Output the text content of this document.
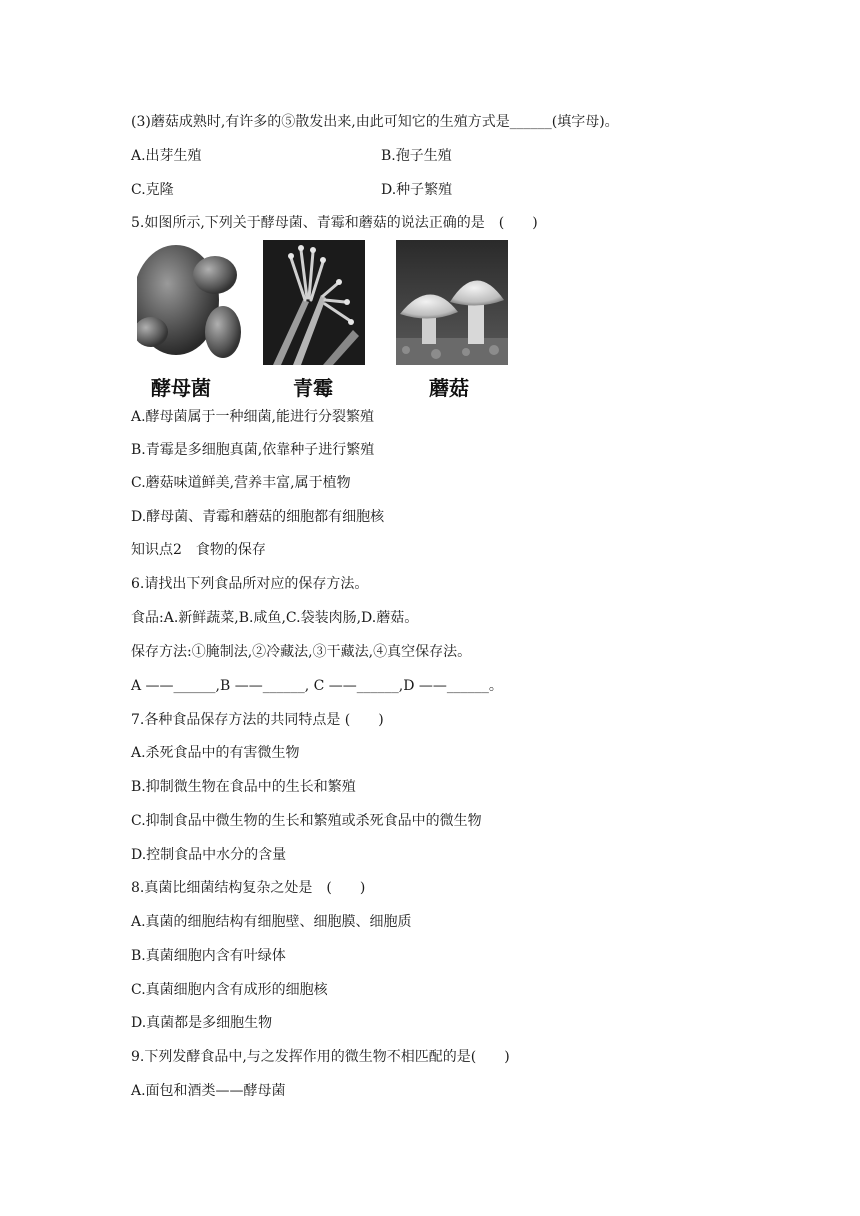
(3)蘑菇成熟时,有许多的⑤散发出来,由此可知它的生殖方式是______(填字母)。
A.出芽生殖	B.孢子生殖
C.克隆	D.种子繁殖
5.如图所示,下列关于酵母菌、青霉和蘑菇的说法正确的是　(　　)
酵母菌	青霉	蘑菇
A.酵母菌属于一种细菌,能进行分裂繁殖
B.青霉是多细胞真菌,依靠种子进行繁殖
C.蘑菇味道鲜美,营养丰富,属于植物
D.酵母菌、青霉和蘑菇的细胞都有细胞核
知识点2　食物的保存
6.请找出下列食品所对应的保存方法。
食品:A.新鲜蔬菜,B.咸鱼,C.袋装肉肠,D.蘑菇。
保存方法:①腌制法,②冷藏法,③干藏法,④真空保存法。
A ——______,B ——______, C ——______,D ——______。
7.各种食品保存方法的共同特点是 (　　)
A.杀死食品中的有害微生物
B.抑制微生物在食品中的生长和繁殖
C.抑制食品中微生物的生长和繁殖或杀死食品中的微生物
D.控制食品中水分的含量
8.真菌比细菌结构复杂之处是　(　　)
A.真菌的细胞结构有细胞壁、细胞膜、细胞质
B.真菌细胞内含有叶绿体
C.真菌细胞内含有成形的细胞核
D.真菌都是多细胞生物
9.下列发酵食品中,与之发挥作用的微生物不相匹配的是(　　)
A.面包和酒类——酵母菌
